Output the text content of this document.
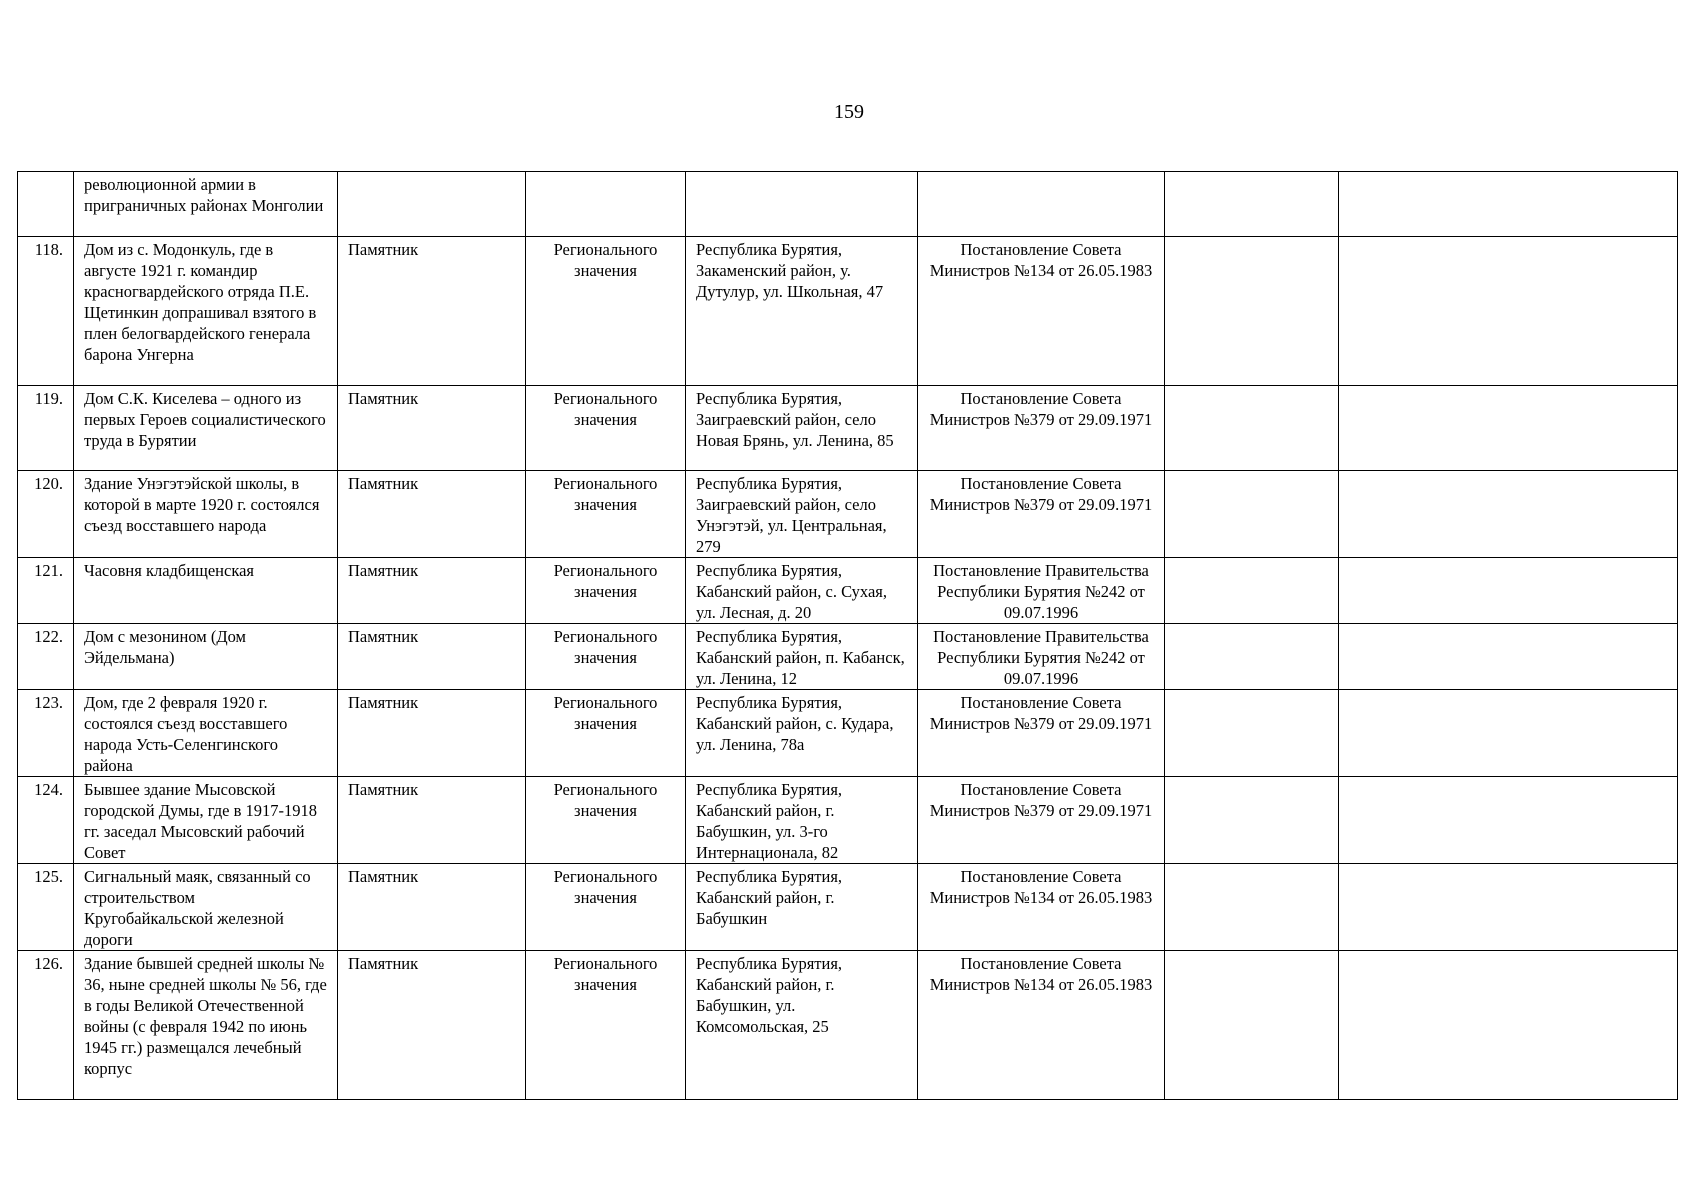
159
	революционной армии в приграничных районах Монголии						
118.	Дом из с. Модонкуль, где в августе 1921 г. командир красногвардейского отряда П.Е. Щетинкин допрашивал взятого в плен белогвардейского генерала барона Унгерна	Памятник	Регионального значения	Республика Бурятия, Закаменский район, у. Дутулур, ул. Школьная, 47	Постановление Совета Министров №134 от 26.05.1983		
119.	Дом С.К. Киселева – одного из первых Героев социалистического труда в Бурятии	Памятник	Регионального значения	Республика Бурятия, Заиграевский район, село Новая Брянь, ул. Ленина, 85	Постановление Совета Министров №379 от 29.09.1971		
120.	Здание Унэгэтэйской школы, в которой в марте 1920 г. состоялся съезд восставшего народа	Памятник	Регионального значения	Республика Бурятия, Заиграевский район, село Унэгэтэй, ул. Центральная, 279	Постановление Совета Министров №379 от 29.09.1971		
121.	Часовня кладбищенская	Памятник	Регионального значения	Республика Бурятия, Кабанский район, с. Сухая, ул. Лесная, д. 20	Постановление Правительства Республики Бурятия №242 от 09.07.1996		
122.	Дом с мезонином (Дом Эйдельмана)	Памятник	Регионального значения	Республика Бурятия, Кабанский район, п. Кабанск, ул. Ленина, 12	Постановление Правительства Республики Бурятия №242 от 09.07.1996		
123.	Дом, где 2 февраля 1920 г. состоялся съезд восставшего народа Усть-Селенгинского района	Памятник	Регионального значения	Республика Бурятия, Кабанский район, с. Кудара, ул. Ленина, 78а	Постановление Совета Министров №379 от 29.09.1971		
124.	Бывшее здание Мысовской городской Думы, где в 1917-1918 гг. заседал Мысовский рабочий Совет	Памятник	Регионального значения	Республика Бурятия, Кабанский район, г. Бабушкин, ул. 3-го Интернационала, 82	Постановление Совета Министров №379 от 29.09.1971		
125.	Сигнальный маяк, связанный со строительством Кругобайкальской железной дороги	Памятник	Регионального значения	Республика Бурятия, Кабанский район, г. Бабушкин	Постановление Совета Министров №134 от 26.05.1983		
126.	Здание бывшей средней школы № 36, ныне средней школы № 56, где в годы Великой Отечественной войны (с февраля 1942 по июнь 1945 гг.) размещался лечебный корпус	Памятник	Регионального значения	Республика Бурятия, Кабанский район, г. Бабушкин, ул. Комсомольская, 25	Постановление Совета Министров №134 от 26.05.1983		
